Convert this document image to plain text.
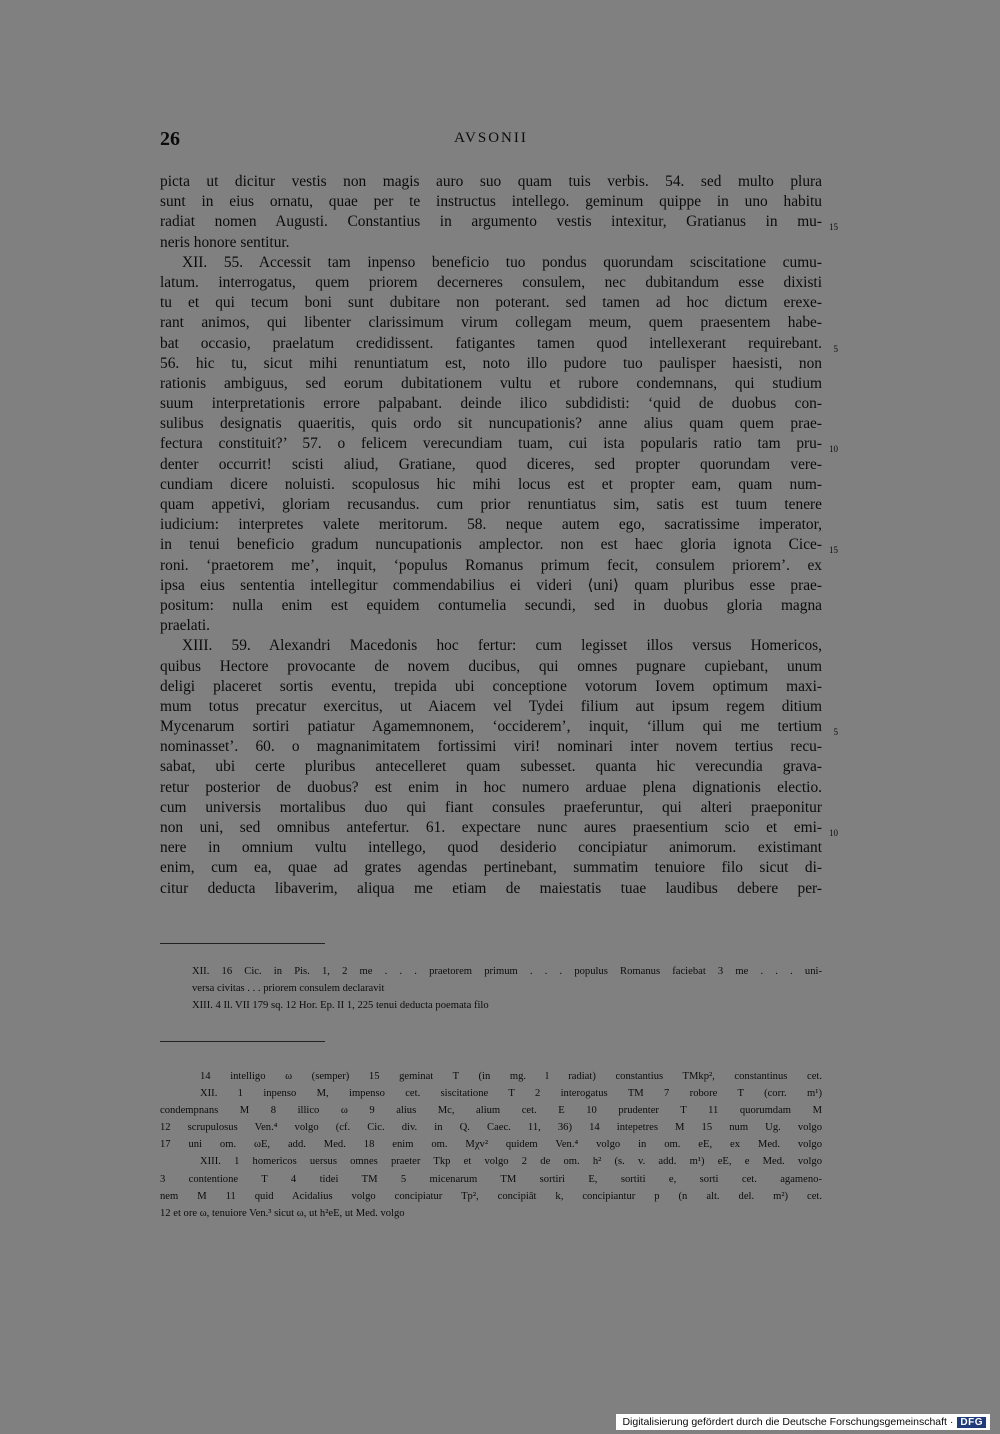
26	AVSONII
picta ut dicitur vestis non magis auro suo quam tuis verbis. 54. sed multo plura
sunt in eius ornatu, quae per te instructus intellego. geminum quippe in uno habitu
radiat nomen Augusti. Constantius in argumento vestis intexitur, Gratianus in mu- 15
neris honore sentitur.
XII. 55. Accessit tam inpenso beneficio tuo pondus quorundam sciscitatione cumu-
latum. interrogatus, quem priorem decerneres consulem, nec dubitandum esse dixisti
tu et qui tecum boni sunt dubitare non poterant. sed tamen ad hoc dictum erexe-
rant animos, qui libenter clarissimum virum collegam meum, quem praesentem habe-
bat occasio, praelatum credidissent. fatigantes tamen quod intellexerant requirebant. 5
56. hic tu, sicut mihi renuntiatum est, noto illo pudore tuo paulisper haesisti, non
rationis ambiguus, sed eorum dubitationem vultu et rubore condemnans, qui studium
suum interpretationis errore palpabant. deinde ilico subdidisti: ‘quid de duobus con-
sulibus designatis quaeritis, quis ordo sit nuncupationis? anne alius quam quem prae-
fectura constituit?’ 57. o felicem verecundiam tuam, cui ista popularis ratio tam pru- 10
denter occurrit! scisti aliud, Gratiane, quod diceres, sed propter quorundam vere-
cundiam dicere noluisti. scopulosus hic mihi locus est et propter eam, quam num-
quam appetivi, gloriam recusandus. cum prior renuntiatus sim, satis est tuum tenere
iudicium: interpretes valete meritorum. 58. neque autem ego, sacratissime imperator,
in tenui beneficio gradum nuncupationis amplector. non est haec gloria ignota Cice- 15
roni. ‘praetorem me’, inquit, ‘populus Romanus primum fecit, consulem priorem’. ex
ipsa eius sententia intellegitur commendabilius ei videri ⟨uni⟩ quam pluribus esse prae-
positum: nulla enim est equidem contumelia secundi, sed in duobus gloria magna
praelati.
XIII. 59. Alexandri Macedonis hoc fertur: cum legisset illos versus Homericos,
quibus Hectore provocante de novem ducibus, qui omnes pugnare cupiebant, unum
deligi placeret sortis eventu, trepida ubi conceptione votorum Iovem optimum maxi-
mum totus precatur exercitus, ut Aiacem vel Tydei filium aut ipsum regem ditium
Mycenarum sortiri patiatur Agamemnonem, ‘occiderem’, inquit, ‘illum qui me tertium 5
nominasset’. 60. o magnanimitatem fortissimi viri! nominari inter novem tertius recu-
sabat, ubi certe pluribus antecelleret quam subesset. quanta hic verecundia grava-
retur posterior de duobus? est enim in hoc numero arduae plena dignationis electio.
cum universis mortalibus duo qui fiant consules praeferuntur, qui alteri praeponitur
non uni, sed omnibus antefertur. 61. expectare nunc aures praesentium scio et emi- 10
nere in omnium vultu intellego, quod desiderio concipiatur animorum. existimant
enim, cum ea, quae ad grates agendas pertinebant, summatim tenuiore filo sicut di-
citur deducta libaverim, aliqua me etiam de maiestatis tuae laudibus debere per-
XII. 16 Cic. in Pis. 1, 2 me . . . praetorem primum . . . populus Romanus faciebat 3 me . . . uni-
versa civitas . . . priorem consulem declaravit
XIII. 4 Il. VII 179 sq. 12 Hor. Ep. II 1, 225 tenui deducta poemata filo
14 intelligo ω (semper) 15 geminat T (in mg. l radiat) constantius TMkp², constantinus cet.
XII. 1 inpenso M, impenso cet. siscitatione T 2 interogatus TM 7 robore T (corr. m¹)
condempnans M 8 illico ω 9 alius Mc, alium cet. E 10 prudenter T 11 quorumdam M
12 scrupulosus Ven.⁴ volgo (cf. Cic. div. in Q. Caec. 11, 36) 14 intepetres M 15 num Ug. volgo
17 uni om. ωE, add. Med. 18 enim om. Mχv² quidem Ven.⁴ volgo in om. eE, ex Med. volgo
XIII. 1 homericos uersus omnes praeter Tkp et volgo 2 de om. h² (s. v. add. m¹) eE, e Med. volgo
3 contentione T 4 tidei TM 5 micenarum TM sortiri E, sortiti e, sorti cet. agameno-
nem M 11 quid Acidalius volgo concipiatur Tp², concipiāt k, concipiantur p (n alt. del. m²) cet.
12 et ore ω, tenuiore Ven.³ sicut ω, ut h²eE, ut Med. volgo
Digitalisierung gefördert durch die Deutsche Forschungsgemeinschaft · DFG
